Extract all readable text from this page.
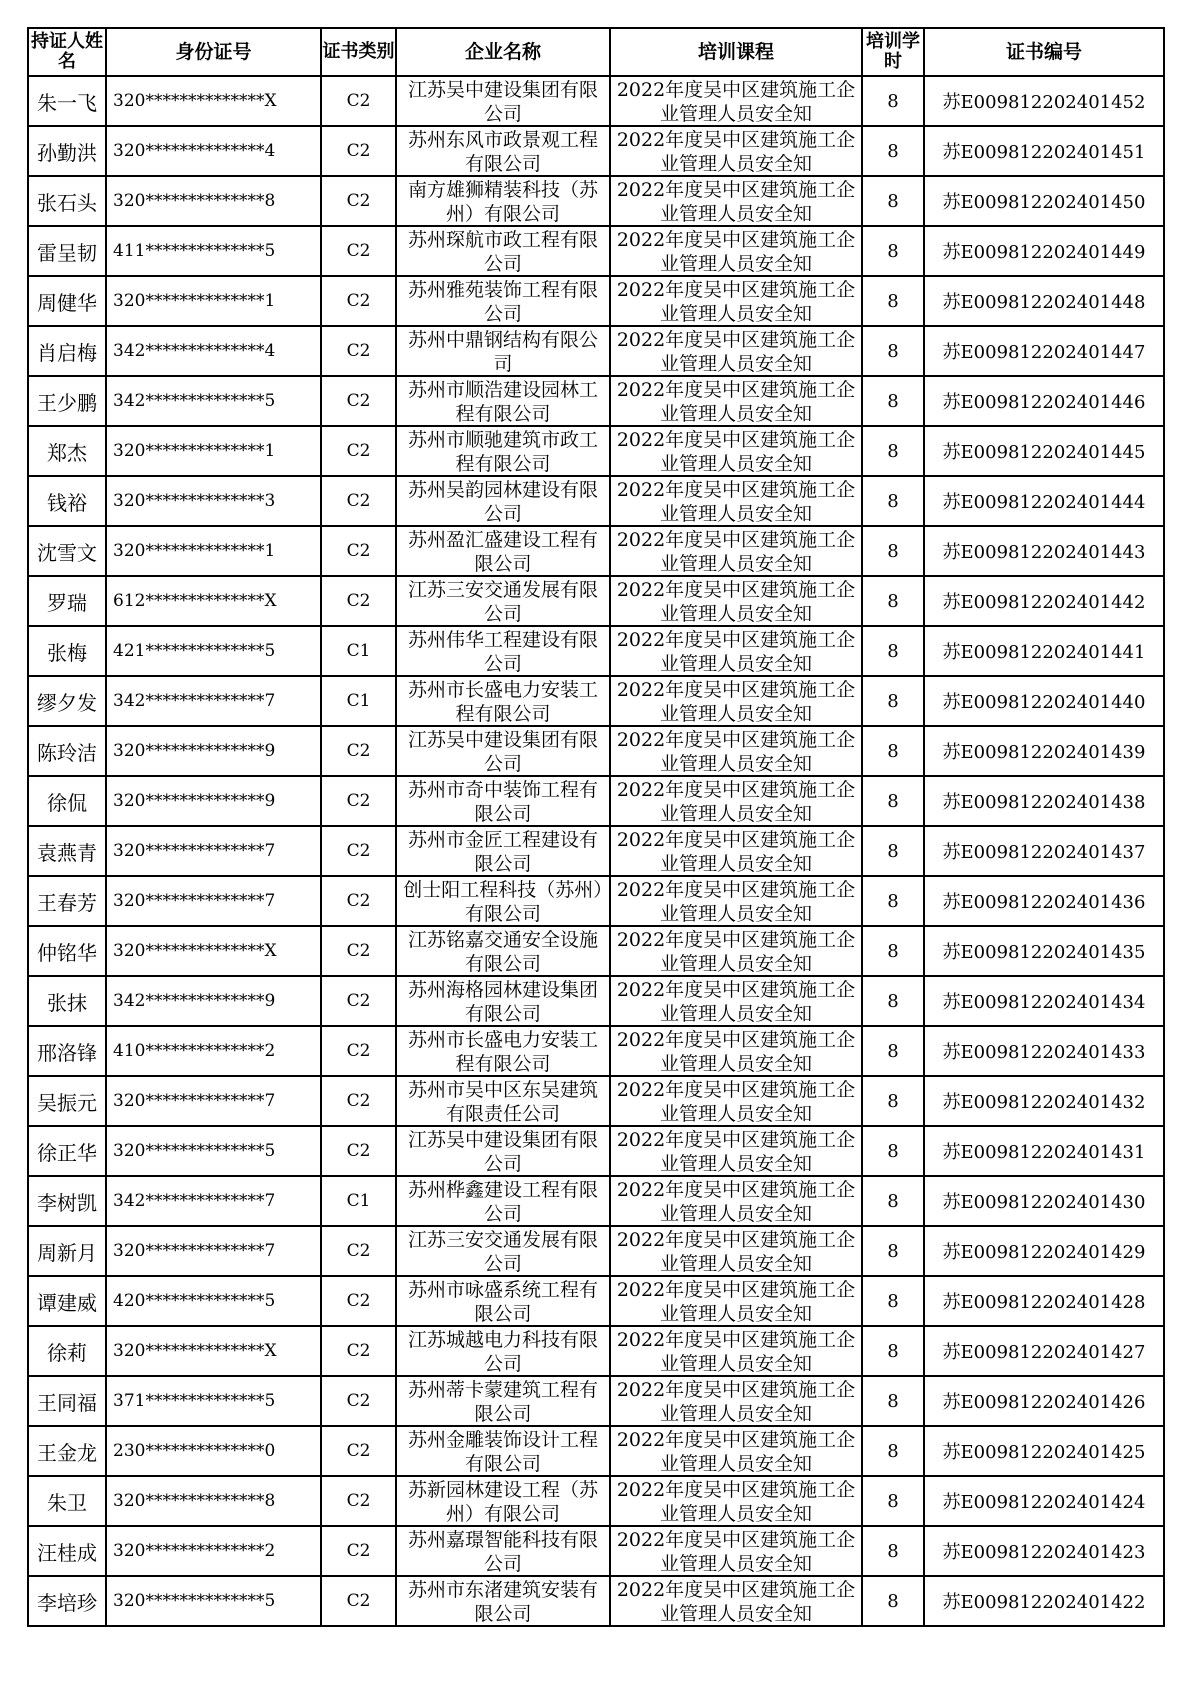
持证人姓名	身份证号	证书类别	企业名称	培训课程	培训学时	证书编号
朱一飞	320**************X	C2	江苏吴中建设集团有限公司	2022年度吴中区建筑施工企业管理人员安全知	8	苏E009812202401452
孙勤洪	320**************4	C2	苏州东风市政景观工程有限公司	2022年度吴中区建筑施工企业管理人员安全知	8	苏E009812202401451
张石头	320**************8	C2	南方雄狮精装科技（苏州）有限公司	2022年度吴中区建筑施工企业管理人员安全知	8	苏E009812202401450
雷呈韧	411**************5	C2	苏州琛航市政工程有限公司	2022年度吴中区建筑施工企业管理人员安全知	8	苏E009812202401449
周健华	320**************1	C2	苏州雅苑装饰工程有限公司	2022年度吴中区建筑施工企业管理人员安全知	8	苏E009812202401448
肖启梅	342**************4	C2	苏州中鼎钢结构有限公司	2022年度吴中区建筑施工企业管理人员安全知	8	苏E009812202401447
王少鹏	342**************5	C2	苏州市顺浩建设园林工程有限公司	2022年度吴中区建筑施工企业管理人员安全知	8	苏E009812202401446
郑杰	320**************1	C2	苏州市顺驰建筑市政工程有限公司	2022年度吴中区建筑施工企业管理人员安全知	8	苏E009812202401445
钱裕	320**************3	C2	苏州吴韵园林建设有限公司	2022年度吴中区建筑施工企业管理人员安全知	8	苏E009812202401444
沈雪文	320**************1	C2	苏州盈汇盛建设工程有限公司	2022年度吴中区建筑施工企业管理人员安全知	8	苏E009812202401443
罗瑞	612**************X	C2	江苏三安交通发展有限公司	2022年度吴中区建筑施工企业管理人员安全知	8	苏E009812202401442
张梅	421**************5	C1	苏州伟华工程建设有限公司	2022年度吴中区建筑施工企业管理人员安全知	8	苏E009812202401441
缪夕发	342**************7	C1	苏州市长盛电力安装工程有限公司	2022年度吴中区建筑施工企业管理人员安全知	8	苏E009812202401440
陈玲洁	320**************9	C2	江苏吴中建设集团有限公司	2022年度吴中区建筑施工企业管理人员安全知	8	苏E009812202401439
徐侃	320**************9	C2	苏州市奇中装饰工程有限公司	2022年度吴中区建筑施工企业管理人员安全知	8	苏E009812202401438
袁燕青	320**************7	C2	苏州市金匠工程建设有限公司	2022年度吴中区建筑施工企业管理人员安全知	8	苏E009812202401437
王春芳	320**************7	C2	创士阳工程科技（苏州）有限公司	2022年度吴中区建筑施工企业管理人员安全知	8	苏E009812202401436
仲铭华	320**************X	C2	江苏铭嘉交通安全设施有限公司	2022年度吴中区建筑施工企业管理人员安全知	8	苏E009812202401435
张抹	342**************9	C2	苏州海格园林建设集团有限公司	2022年度吴中区建筑施工企业管理人员安全知	8	苏E009812202401434
邢洛锋	410**************2	C2	苏州市长盛电力安装工程有限公司	2022年度吴中区建筑施工企业管理人员安全知	8	苏E009812202401433
吴振元	320**************7	C2	苏州市吴中区东吴建筑有限责任公司	2022年度吴中区建筑施工企业管理人员安全知	8	苏E009812202401432
徐正华	320**************5	C2	江苏吴中建设集团有限公司	2022年度吴中区建筑施工企业管理人员安全知	8	苏E009812202401431
李树凯	342**************7	C1	苏州桦鑫建设工程有限公司	2022年度吴中区建筑施工企业管理人员安全知	8	苏E009812202401430
周新月	320**************7	C2	江苏三安交通发展有限公司	2022年度吴中区建筑施工企业管理人员安全知	8	苏E009812202401429
谭建威	420**************5	C2	苏州市咏盛系统工程有限公司	2022年度吴中区建筑施工企业管理人员安全知	8	苏E009812202401428
徐莉	320**************X	C2	江苏城越电力科技有限公司	2022年度吴中区建筑施工企业管理人员安全知	8	苏E009812202401427
王同福	371**************5	C2	苏州蒂卡蒙建筑工程有限公司	2022年度吴中区建筑施工企业管理人员安全知	8	苏E009812202401426
王金龙	230**************0	C2	苏州金雕装饰设计工程有限公司	2022年度吴中区建筑施工企业管理人员安全知	8	苏E009812202401425
朱卫	320**************8	C2	苏新园林建设工程（苏州）有限公司	2022年度吴中区建筑施工企业管理人员安全知	8	苏E009812202401424
汪桂成	320**************2	C2	苏州嘉璟智能科技有限公司	2022年度吴中区建筑施工企业管理人员安全知	8	苏E009812202401423
李培珍	320**************5	C2	苏州市东渚建筑安装有限公司	2022年度吴中区建筑施工企业管理人员安全知	8	苏E009812202401422
